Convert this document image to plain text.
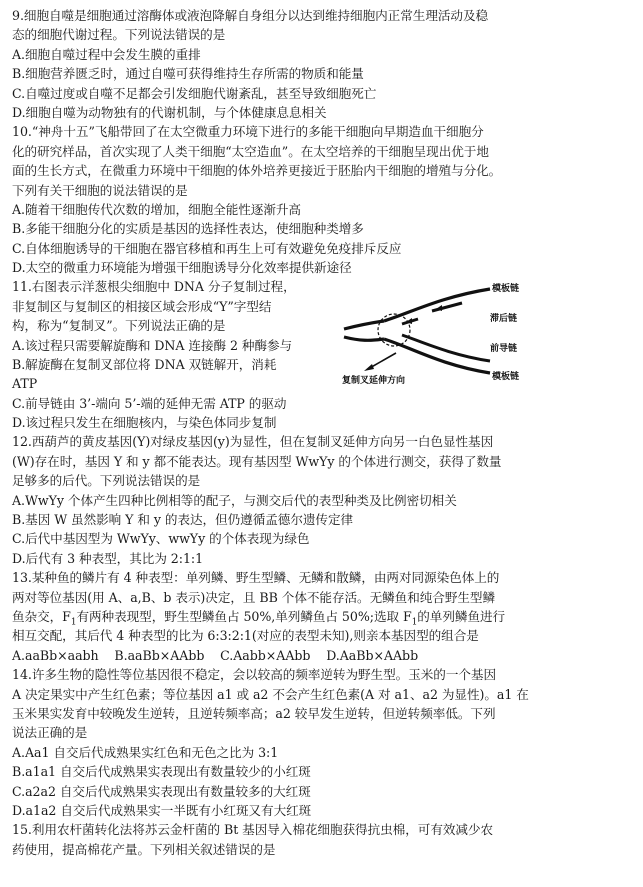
9.细胞自噬是细胞通过溶酶体或液泡降解自身组分以达到维持细胞内正常生理活动及稳
态的细胞代谢过程。下列说法错误的是
A.细胞自噬过程中会发生膜的重排
B.细胞营养匮乏时，通过自噬可获得维持生存所需的物质和能量
C.自噬过度或自噬不足都会引发细胞代谢紊乱，甚至导致细胞死亡
D.细胞自噬为动物独有的代谢机制，与个体健康息息相关
10.“神舟十五”飞船带回了在太空微重力环境下进行的多能干细胞向早期造血干细胞分
化的研究样品，首次实现了人类干细胞“太空造血”。在太空培养的干细胞呈现出优于地
面的生长方式，在微重力环境中干细胞的体外培养更接近于胚胎内干细胞的增殖与分化。
下列有关干细胞的说法错误的是
A.随着干细胞传代次数的增加，细胞全能性逐渐升高
B.多能干细胞分化的实质是基因的选择性表达，使细胞种类增多
C.自体细胞诱导的干细胞在器官移植和再生上可有效避免免疫排斥反应
D.太空的微重力环境能为增强干细胞诱导分化效率提供新途径
11.右图表示洋葱根尖细胞中 DNA 分子复制过程，
非复制区与复制区的相接区域会形成“Y”字型结
构，称为“复制叉”。下列说法正确的是
A.该过程只需要解旋酶和 DNA 连接酶 2 种酶参与
B.解旋酶在复制叉部位将 DNA 双链解开，消耗
ATP
C.前导链由 3’-端向 5’-端的延伸无需 ATP 的驱动
D.该过程只发生在细胞核内，与染色体同步复制
模板链
滞后链
前导链
模板链
复制叉延伸方向
12.西葫芦的黄皮基因(Y)对绿皮基因(y)为显性，但在复制叉延伸方向另一白色显性基因
(W)存在时，基因 Y 和 y 都不能表达。现有基因型 WwYy 的个体进行测交，获得了数量
足够多的后代。下列说法错误的是
A.WwYy 个体产生四种比例相等的配子，与测交后代的表型种类及比例密切相关
B.基因 W 虽然影响 Y 和 y 的表达，但仍遵循孟德尔遗传定律
C.后代中基因型为 WwYy、wwYy 的个体表现为绿色
D.后代有 3 种表型，其比为 2:1:1
13.某种鱼的鳞片有 4 种表型：单列鳞、野生型鳞、无鳞和散鳞，由两对同源染色体上的
两对等位基因(用 A、a,B、b 表示)决定，且 BB 个体不能存活。无鳞鱼和纯合野生型鳞
鱼杂交，$F_1$有两种表现型，野生型鳞鱼占 50%,单列鳞鱼占 50%;选取 $F_1$的单列鳞鱼进行
相互交配，其后代 4 种表型的比为 6:3:2:1(对应的表型未知),则亲本基因型的组合是
A.aaBb×aabh    B.aaBb×AAbb    C.Aabb×AAbb    D.AaBb×AAbb
14.许多生物的隐性等位基因很不稳定，会以较高的频率逆转为野生型。玉米的一个基因
A 决定果实中产生红色素；等位基因 a1 或 a2 不会产生红色素(A 对 a1、a2 为显性)。a1 在
玉米果实发育中较晚发生逆转，且逆转频率高；a2 较早发生逆转，但逆转频率低。下列
说法正确的是
A.Aa1 自交后代成熟果实红色和无色之比为 3:1
B.a1a1 自交后代成熟果实表现出有数量较少的小红斑
C.a2a2 自交后代成熟果实表现出有数量较多的大红斑
D.a1a2 自交后代成熟果实一半既有小红斑又有大红斑
15.利用农杆菌转化法将苏云金杆菌的 Bt 基因导入棉花细胞获得抗虫棉，可有效减少农
药使用，提高棉花产量。下列相关叙述错误的是
